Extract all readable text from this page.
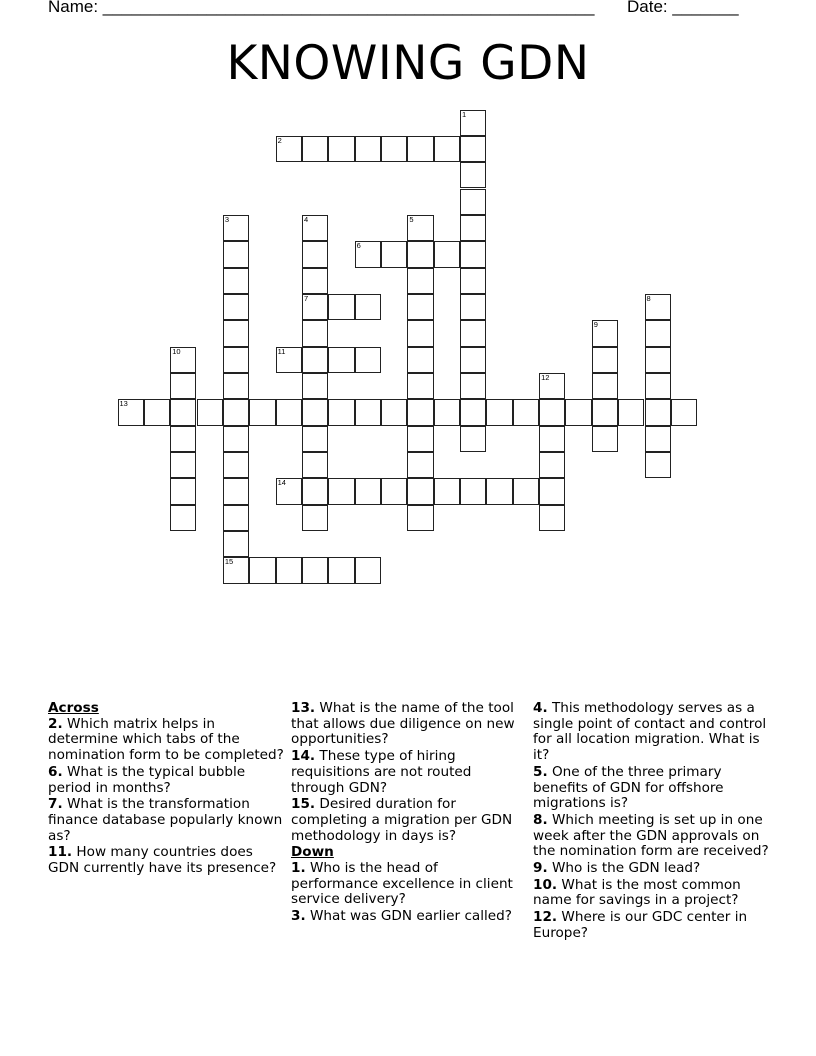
Name: ____________________________________________________ Date: _______
KNOWING GDN
1
2
3
15
4
7
5
6
8
9
10	11
12
13
14
Across
2. Which matrix helps in determine which tabs of the nomination form to be completed?
6. What is the typical bubble period in months?
7. What is the transformation finance database popularly known as?
11. How many countries does GDN currently have its presence?
13. What is the name of the tool that allows due diligence on new opportunities?
14. These type of hiring requisitions are not routed through GDN?
15. Desired duration for completing a migration per GDN methodology in days is?
Down
1. Who is the head of performance excellence in client service delivery?
3. What was GDN earlier called?
4. This methodology serves as a single point of contact and control for all location migration. What is it?
5. One of the three primary benefits of GDN for offshore migrations is?
8. Which meeting is set up in one week after the GDN approvals on the nomination form are received?
9. Who is the GDN lead?
10. What is the most common name for savings in a project?
12. Where is our GDC center in Europe?
